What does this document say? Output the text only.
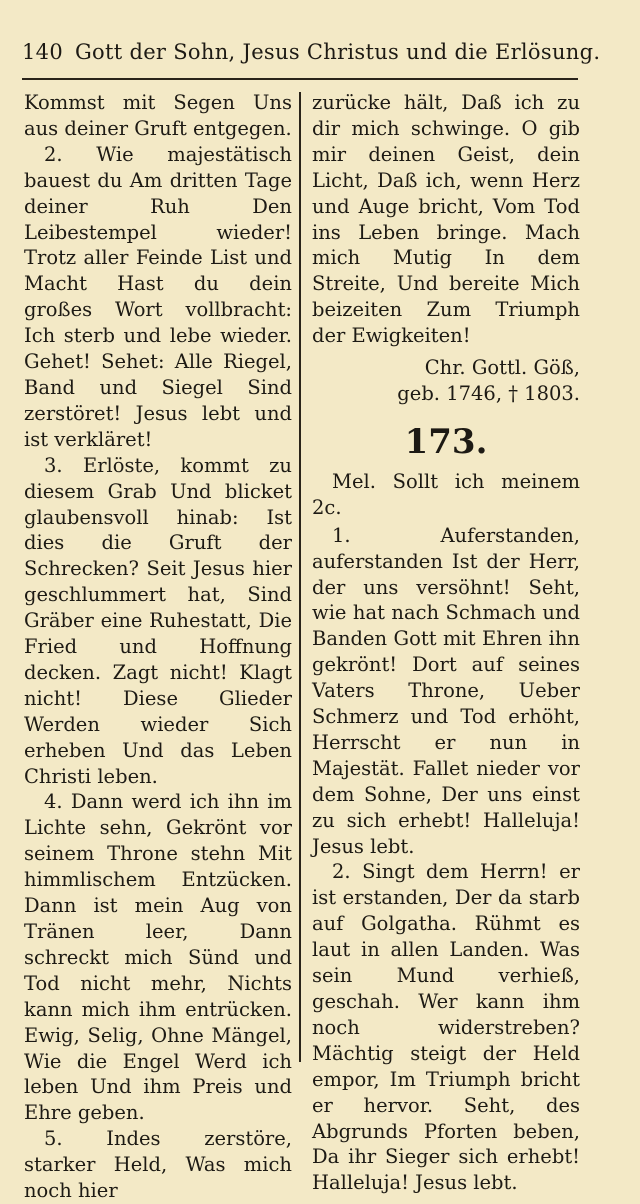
140 Gott der Sohn, Jesus Christus und die Erlösung.

Kommst mit Segen Uns aus deiner Gruft entgegen.

2. Wie majestätisch bauest du Am dritten Tage deiner Ruh Den Leibestempel wieder! Trotz aller Feinde List und Macht Hast du dein großes Wort vollbracht: Ich sterb und lebe wieder. Gehet! Sehet: Alle Riegel, Band und Siegel Sind zerstöret! Jesus lebt und ist verkläret!

3. Erlöste, kommt zu diesem Grab Und blicket glaubensvoll hinab: Ist dies die Gruft der Schrecken? Seit Jesus hier geschlummert hat, Sind Gräber eine Ruhestatt, Die Fried und Hoffnung decken. Zagt nicht! Klagt nicht! Diese Glieder Werden wieder Sich erheben Und das Leben Christi leben.

4. Dann werd ich ihn im Lichte sehn, Gekrönt vor seinem Throne stehn Mit himmlischem Entzücken. Dann ist mein Aug von Tränen leer, Dann schreckt mich Sünd und Tod nicht mehr, Nichts kann mich ihm entrücken. Ewig, Selig, Ohne Mängel, Wie die Engel Werd ich leben Und ihm Preis und Ehre geben.

5. Indes zerstöre, starker Held, Was mich noch hier

zurücke hält, Daß ich zu dir mich schwinge. O gib mir deinen Geist, dein Licht, Daß ich, wenn Herz und Auge bricht, Vom Tod ins Leben bringe. Mach mich Mutig In dem Streite, Und bereite Mich beizeiten Zum Triumph der Ewigkeiten!

Chr. Gottl. Göß,

geb. 1746, † 1803.

173.

Mel. Sollt ich meinem 2c.

1. Auferstanden, auferstanden Ist der Herr, der uns versöhnt! Seht, wie hat nach Schmach und Banden Gott mit Ehren ihn gekrönt! Dort auf seines Vaters Throne, Ueber Schmerz und Tod erhöht, Herrscht er nun in Majestät. Fallet nieder vor dem Sohne, Der uns einst zu sich erhebt! Halleluja! Jesus lebt.

2. Singt dem Herrn! er ist erstanden, Der da starb auf Golgatha. Rühmt es laut in allen Landen. Was sein Mund verhieß, geschah. Wer kann ihm noch widerstreben? Mächtig steigt der Held empor, Im Triumph bricht er hervor. Seht, des Abgrunds Pforten beben, Da ihr Sieger sich erhebt! Halleluja! Jesus lebt.
